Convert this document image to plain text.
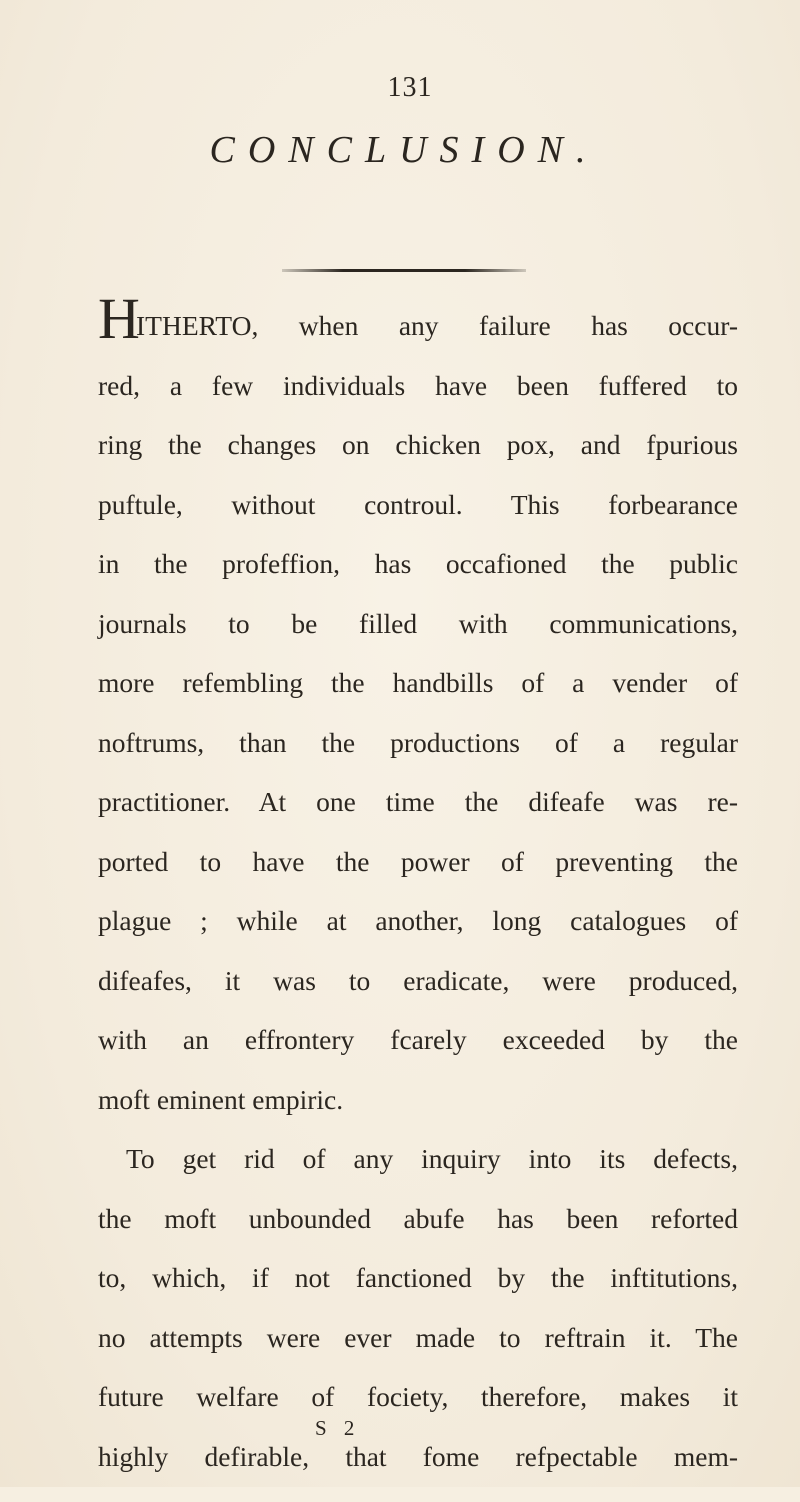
131
CONCLUSION.
H
ITHERTO, when any failure has occur-
red, a few individuals have been fuffered to
ring the changes on chicken pox, and fpurious
puftule, without controul. This forbearance
in the profeffion, has occafioned the public
journals to be filled with communications,
more refembling the handbills of a vender of
noftrums, than the productions of a regular
practitioner. At one time the difeafe was re-
ported to have the power of preventing the
plague ; while at another, long catalogues of
difeafes, it was to eradicate, were produced,
with an effrontery fcarely exceeded by the
moft eminent empiric.
To get rid of any inquiry into its defects,
the moft unbounded abufe has been reforted
to, which, if not fanctioned by the inftitutions,
no attempts were ever made to reftrain it. The
future welfare of fociety, therefore, makes it
highly defirable, that fome refpectable mem-
S 2
